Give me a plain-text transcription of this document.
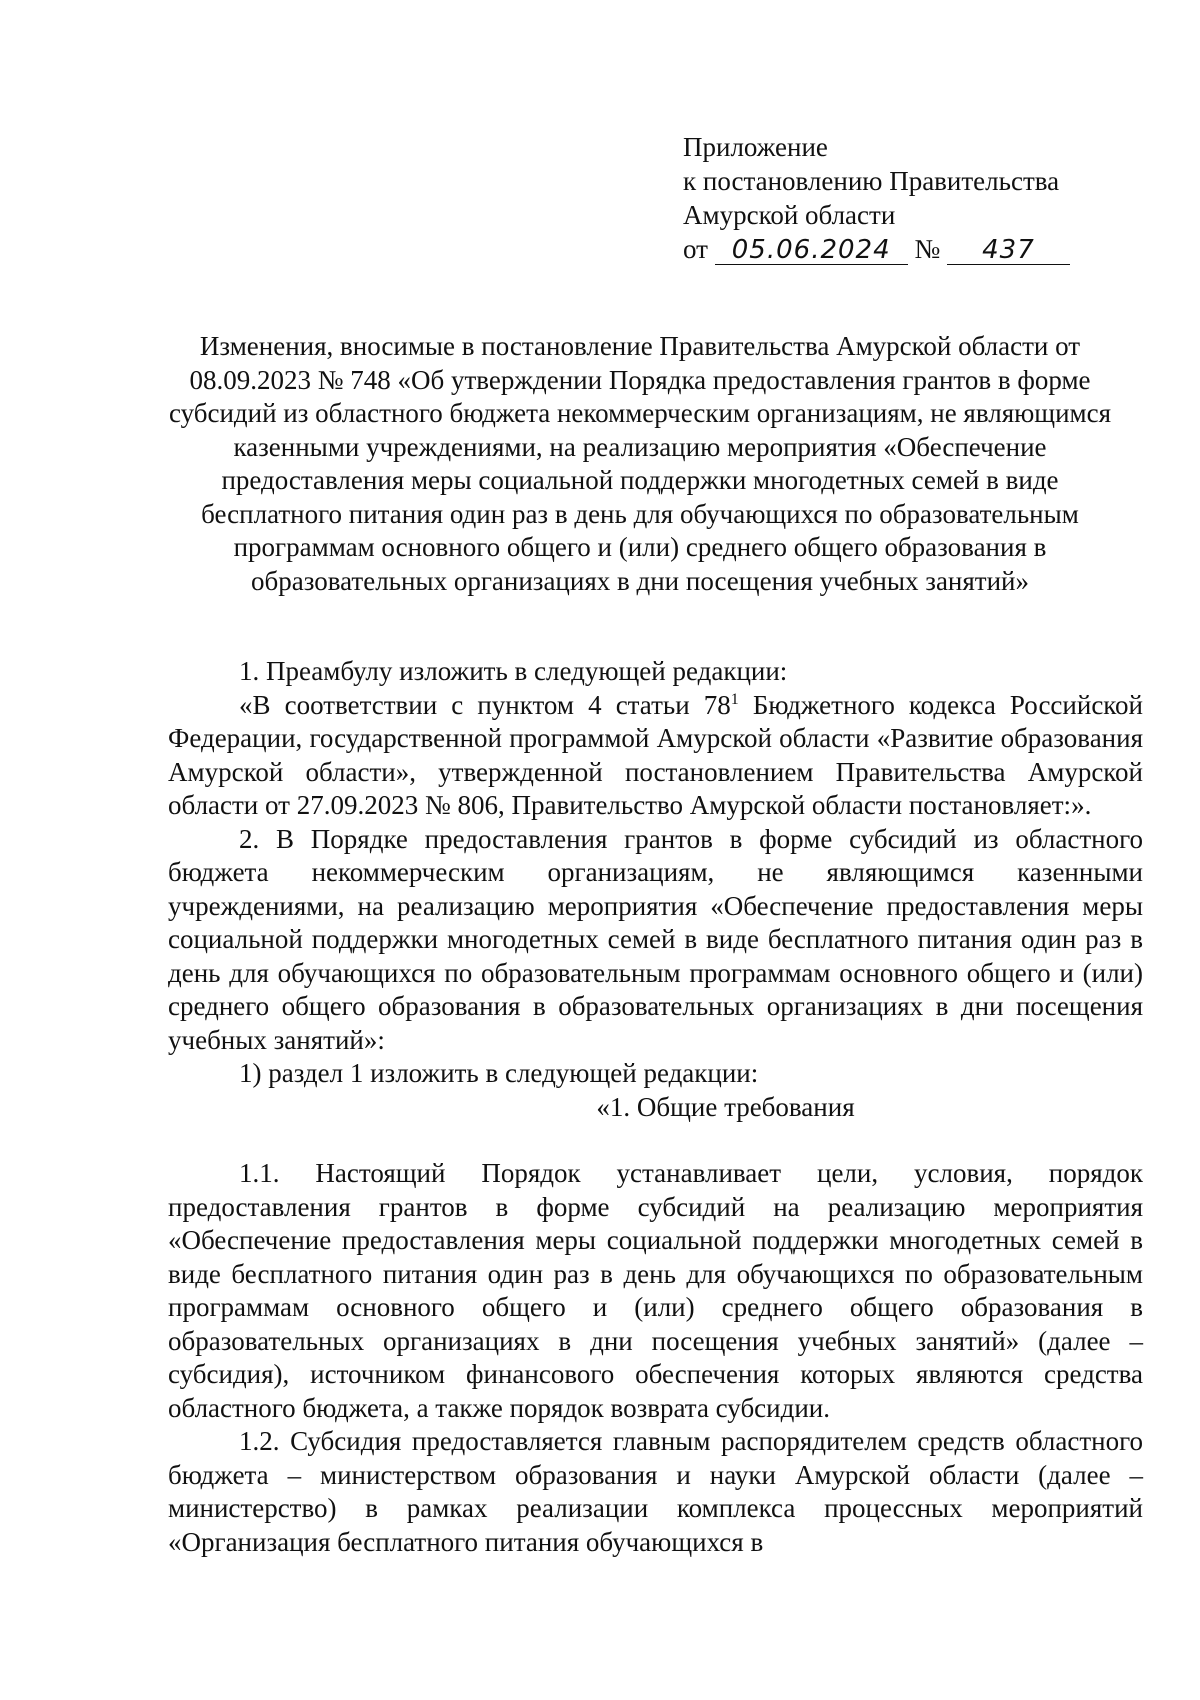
Приложение
к постановлению Правительства
Амурской области
от 05.06.2024 № 437
Изменения, вносимые в постановление Правительства Амурской области от 08.09.2023 № 748 «Об утверждении Порядка предоставления грантов в форме субсидий из областного бюджета некоммерческим организациям, не являющимся казенными учреждениями, на реализацию мероприятия «Обеспечение предоставления меры социальной поддержки многодетных семей в виде бесплатного питания один раз в день для обучающихся по образовательным программам основного общего и (или) среднего общего образования в образовательных организациях в дни посещения учебных занятий»

1. Преамбулу изложить в следующей редакции:

«В соответствии с пунктом 4 статьи $78^1$ Бюджетного кодекса Российской Федерации, государственной программой Амурской области «Развитие образования Амурской области», утвержденной постановлением Правительства Амурской области от 27.09.2023 № 806, Правительство Амурской области постановляет:».

2. В Порядке предоставления грантов в форме субсидий из областного бюджета некоммерческим организациям, не являющимся казенными учреждениями, на реализацию мероприятия «Обеспечение предоставления меры социальной поддержки многодетных семей в виде бесплатного питания один раз в день для обучающихся по образовательным программам основного общего и (или) среднего общего образования в образовательных организациях в дни посещения учебных занятий»:

1) раздел 1 изложить в следующей редакции:

«1. Общие требования

1.1. Настоящий Порядок устанавливает цели, условия, порядок предоставления грантов в форме субсидий на реализацию мероприятия «Обеспечение предоставления меры социальной поддержки многодетных семей в виде бесплатного питания один раз в день для обучающихся по образовательным программам основного общего и (или) среднего общего образования в образовательных организациях в дни посещения учебных занятий» (далее – субсидия), источником финансового обеспечения которых являются средства областного бюджета, а также порядок возврата субсидии.

1.2. Субсидия предоставляется главным распорядителем средств областного бюджета – министерством образования и науки Амурской области (далее – министерство) в рамках реализации комплекса процессных мероприятий «Организация бесплатного питания обучающихся в
